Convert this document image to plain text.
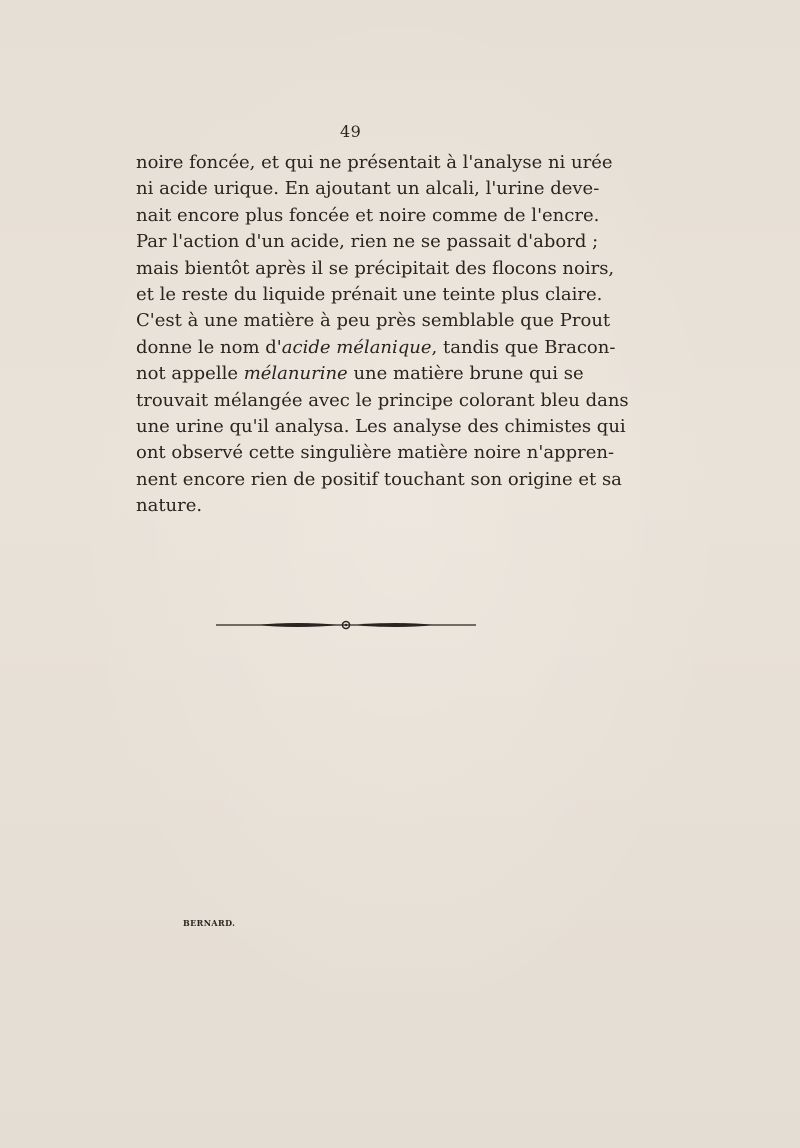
49
noire foncée, et qui ne présentait à l'analyse ni urée
ni acide urique. En ajoutant un alcali, l'urine deve-
nait encore plus foncée et noire comme de l'encre.
Par l'action d'un acide, rien ne se passait d'abord ;
mais bientôt après il se précipitait des flocons noirs,
et le reste du liquide prénait une teinte plus claire.
C'est à une matière à peu près semblable que Prout
donne le nom d'acide mélanique, tandis que Bracon-
not appelle mélanurine une matière brune qui se
trouvait mélangée avec le principe colorant bleu dans
une urine qu'il analysa. Les analyse des chimistes qui
ont observé cette singulière matière noire n'appren-
nent encore rien de positif touchant son origine et sa
nature.
BERNARD.
